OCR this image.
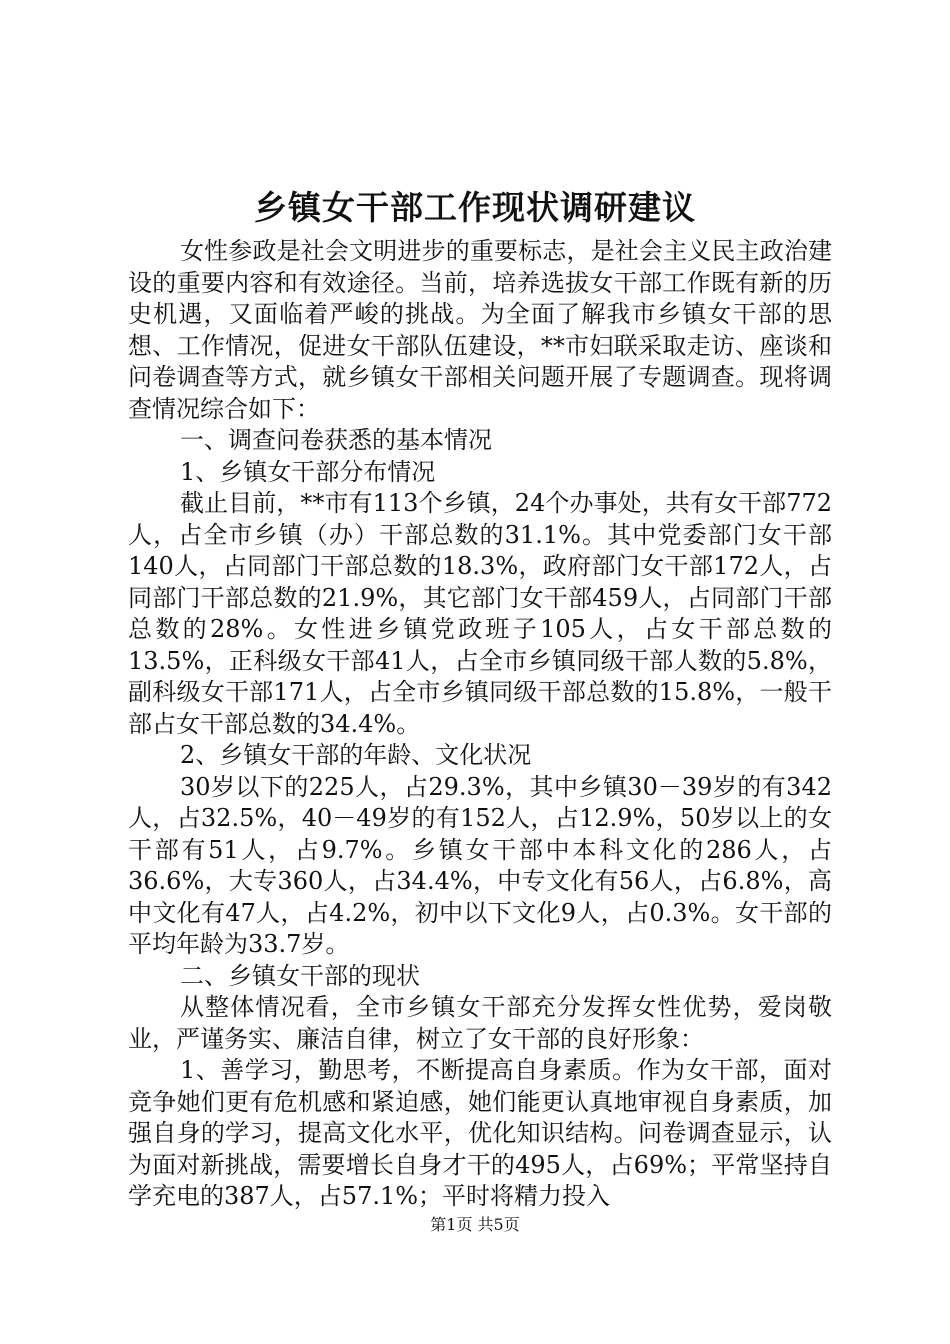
乡镇女干部工作现状调研建议

女性参政是社会文明进步的重要标志，是社会主义民主政治建设的重要内容和有效途径。当前，培养选拔女干部工作既有新的历史机遇，又面临着严峻的挑战。为全面了解我市乡镇女干部的思想、工作情况，促进女干部队伍建设，**市妇联采取走访、座谈和问卷调查等方式，就乡镇女干部相关问题开展了专题调查。现将调查情况综合如下：

一、调查问卷获悉的基本情况

1、乡镇女干部分布情况

截止目前，**市有113个乡镇，24个办事处，共有女干部772人，占全市乡镇（办）干部总数的31.1%。其中党委部门女干部140人，占同部门干部总数的18.3%，政府部门女干部172人，占同部门干部总数的21.9%，其它部门女干部459人，占同部门干部总数的28%。女性进乡镇党政班子105人，占女干部总数的13.5%，正科级女干部41人，占全市乡镇同级干部人数的5.8%，副科级女干部171人，占全市乡镇同级干部总数的15.8%，一般干部占女干部总数的34.4%。

2、乡镇女干部的年龄、文化状况

30岁以下的225人，占29.3%，其中乡镇30－39岁的有342人，占32.5%，40－49岁的有152人，占12.9%，50岁以上的女干部有51人，占9.7%。乡镇女干部中本科文化的286人，占36.6%，大专360人，占34.4%，中专文化有56人，占6.8%，高中文化有47人，占4.2%，初中以下文化9人，占0.3%。女干部的平均年龄为33.7岁。

二、乡镇女干部的现状

从整体情况看，全市乡镇女干部充分发挥女性优势，爱岗敬业，严谨务实、廉洁自律，树立了女干部的良好形象：

1、善学习，勤思考，不断提高自身素质。作为女干部，面对竞争她们更有危机感和紧迫感，她们能更认真地审视自身素质，加强自身的学习，提高文化水平，优化知识结构。问卷调查显示，认为面对新挑战，需要增长自身才干的495人，占69%；平常坚持自学充电的387人，占57.1%；平时将精力投入

第1页 共5页
